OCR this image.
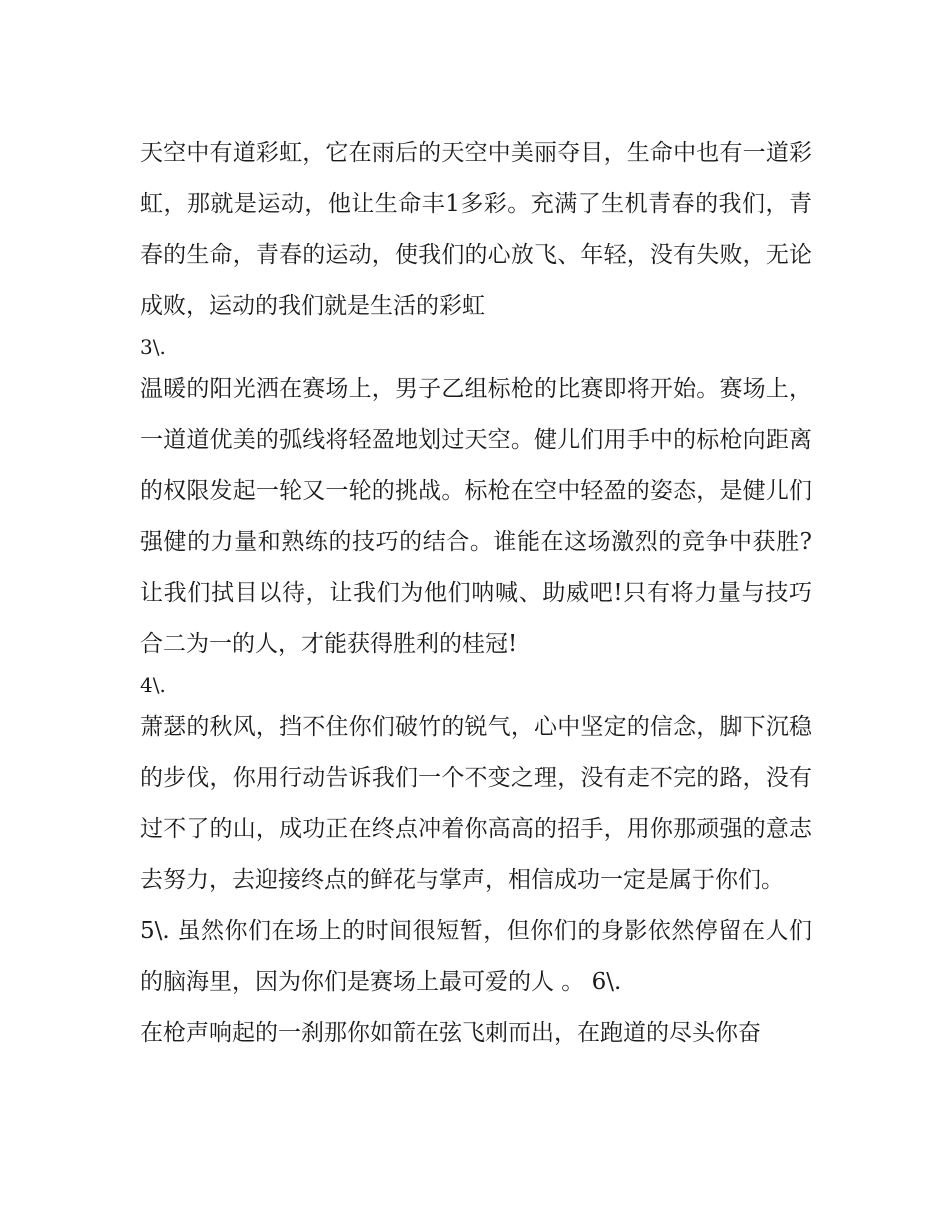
天空中有道彩虹，它在雨后的天空中美丽夺目，生命中也有一道彩虹，那就是运动，他让生命丰1多彩。充满了生机青春的我们，青春的生命，青春的运动，使我们的心放飞、年轻，没有失败，无论成败，运动的我们就是生活的彩虹

3\.

温暖的阳光洒在赛场上，男子乙组标枪的比赛即将开始。赛场上，一道道优美的弧线将轻盈地划过天空。健儿们用手中的标枪向距离的权限发起一轮又一轮的挑战。标枪在空中轻盈的姿态，是健儿们强健的力量和熟练的技巧的结合。谁能在这场激烈的竞争中获胜?让我们拭目以待，让我们为他们呐喊、助威吧!只有将力量与技巧合二为一的人，才能获得胜利的桂冠!

4\.

萧瑟的秋风，挡不住你们破竹的锐气，心中坚定的信念，脚下沉稳的步伐，你用行动告诉我们一个不变之理，没有走不完的路，没有过不了的山，成功正在终点冲着你高高的招手，用你那顽强的意志去努力，去迎接终点的鲜花与掌声，相信成功一定是属于你们。

5\. 虽然你们在场上的时间很短暂，但你们的身影依然停留在人们的脑海里，因为你们是赛场上最可爱的人 。 6\.

在枪声响起的一刹那你如箭在弦飞刺而出，在跑道的尽头你奋
